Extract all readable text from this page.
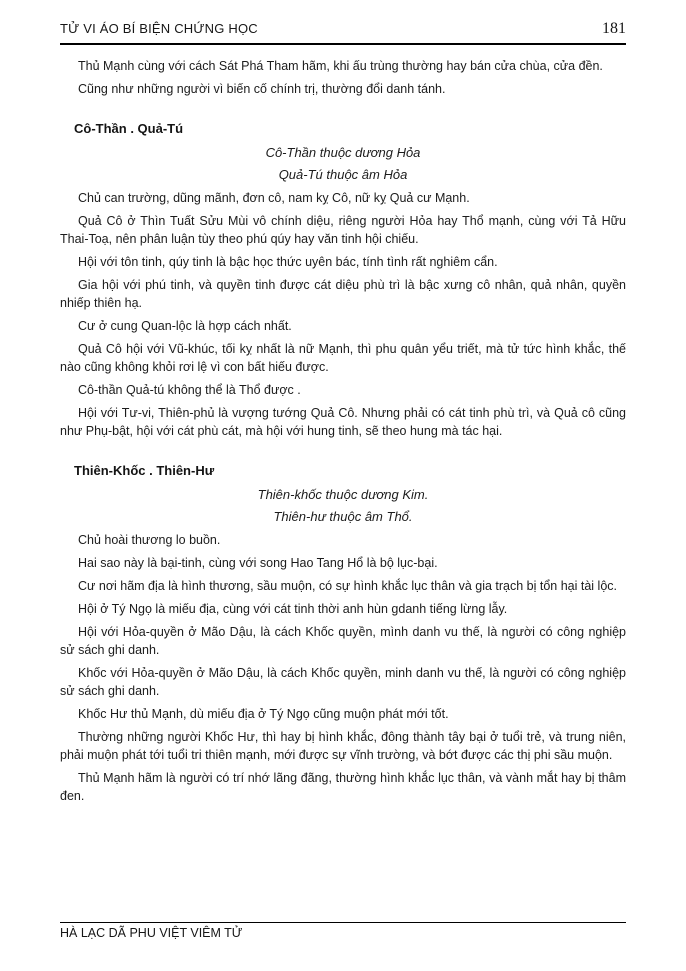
TỬ VI ÁO BÍ BIỆN CHỨNG HỌC	181

Thủ Mạnh cùng với cách Sát Phá Tham hãm, khi ấu trùng thường hay bán cửa chùa, cửa đền.

Cũng như những người vì biến cố chính trị, thường đổi danh tánh.

Cô-Thần . Quả-Tú

Cô-Thần thuộc dương Hỏa

Quả-Tú thuộc âm Hỏa

Chủ can trường, dũng mãnh, đơn cô, nam kỵ Cô, nữ kỵ Quả cư Mạnh.

Quả Cô ở Thìn Tuất Sửu Mùi vô chính diệu, riêng người Hỏa hay Thổ mạnh, cùng với Tả Hữu Thai-Toạ, nên phân luận tùy theo phú qúy hay văn tinh hội chiếu.

Hội với tôn tinh, qúy tinh là bậc học thức uyên bác, tính tình rất nghiêm cẩn.

Gia hội với phú tinh, và quyền tinh được cát diệu phù trì là bậc xưng cô nhân, quả nhân, quyền nhiếp thiên hạ.

Cư ở cung Quan-lộc là hợp cách nhất.

Quả Cô hội với Vũ-khúc, tối kỵ nhất là nữ Mạnh, thì phu quân yểu triết, mà tử tức hình khắc, thế nào cũng không khỏi rơi lệ vì con bất hiếu được.

Cô-thần Quả-tú không thể là Thổ được .

Hội với Tư-vi, Thiên-phủ là vượng tướng Quả Cô. Nhưng phải có cát tinh phù trì, và Quả cô cũng như Phụ-bật, hội với cát phù cát, mà hội với hung tinh, sẽ theo hung mà tác hại.

Thiên-Khốc . Thiên-Hư

Thiên-khốc thuộc dương Kim.

Thiên-hư thuộc âm Thổ.

Chủ hoài thương lo buồn.

Hai sao này là bại-tinh, cùng với song Hao Tang Hổ là bộ lục-bại.

Cư nơi hãm địa là hình thương, sầu muộn, có sự hình khắc lục thân và gia trạch bị tổn hại tài lộc.

Hội ở Tý Ngọ là miếu địa, cùng với cát tinh thời anh hùn gdanh tiếng lừng lẫy.

Hội với Hỏa-quyền ở Mão Dậu, là cách Khốc quyền, mình danh vu thế, là người có công nghiệp sử sách ghi danh.

Khốc với Hỏa-quyền ở Mão Dậu, là cách Khốc quyền, minh danh vu thế, là người có công nghiệp sử sách ghi danh.

Khốc Hư thủ Mạnh, dù miếu địa ở Tý Ngọ cũng muộn phát mới tốt.

Thường những người Khốc Hư, thì hay bị hình khắc, đông thành tây bại ở tuổi trẻ, và trung niên, phải muộn phát tới tuổi tri thiên mạnh, mới được sự vĩnh trường, và bớt được các thị phi sầu muộn.

Thủ Mạnh hãm là người có trí nhớ lãng đãng, thường hình khắc lục thân, và vành mắt hay bị thâm đen.

HÀ LẠC DÃ PHU VIỆT VIÊM TỬ
